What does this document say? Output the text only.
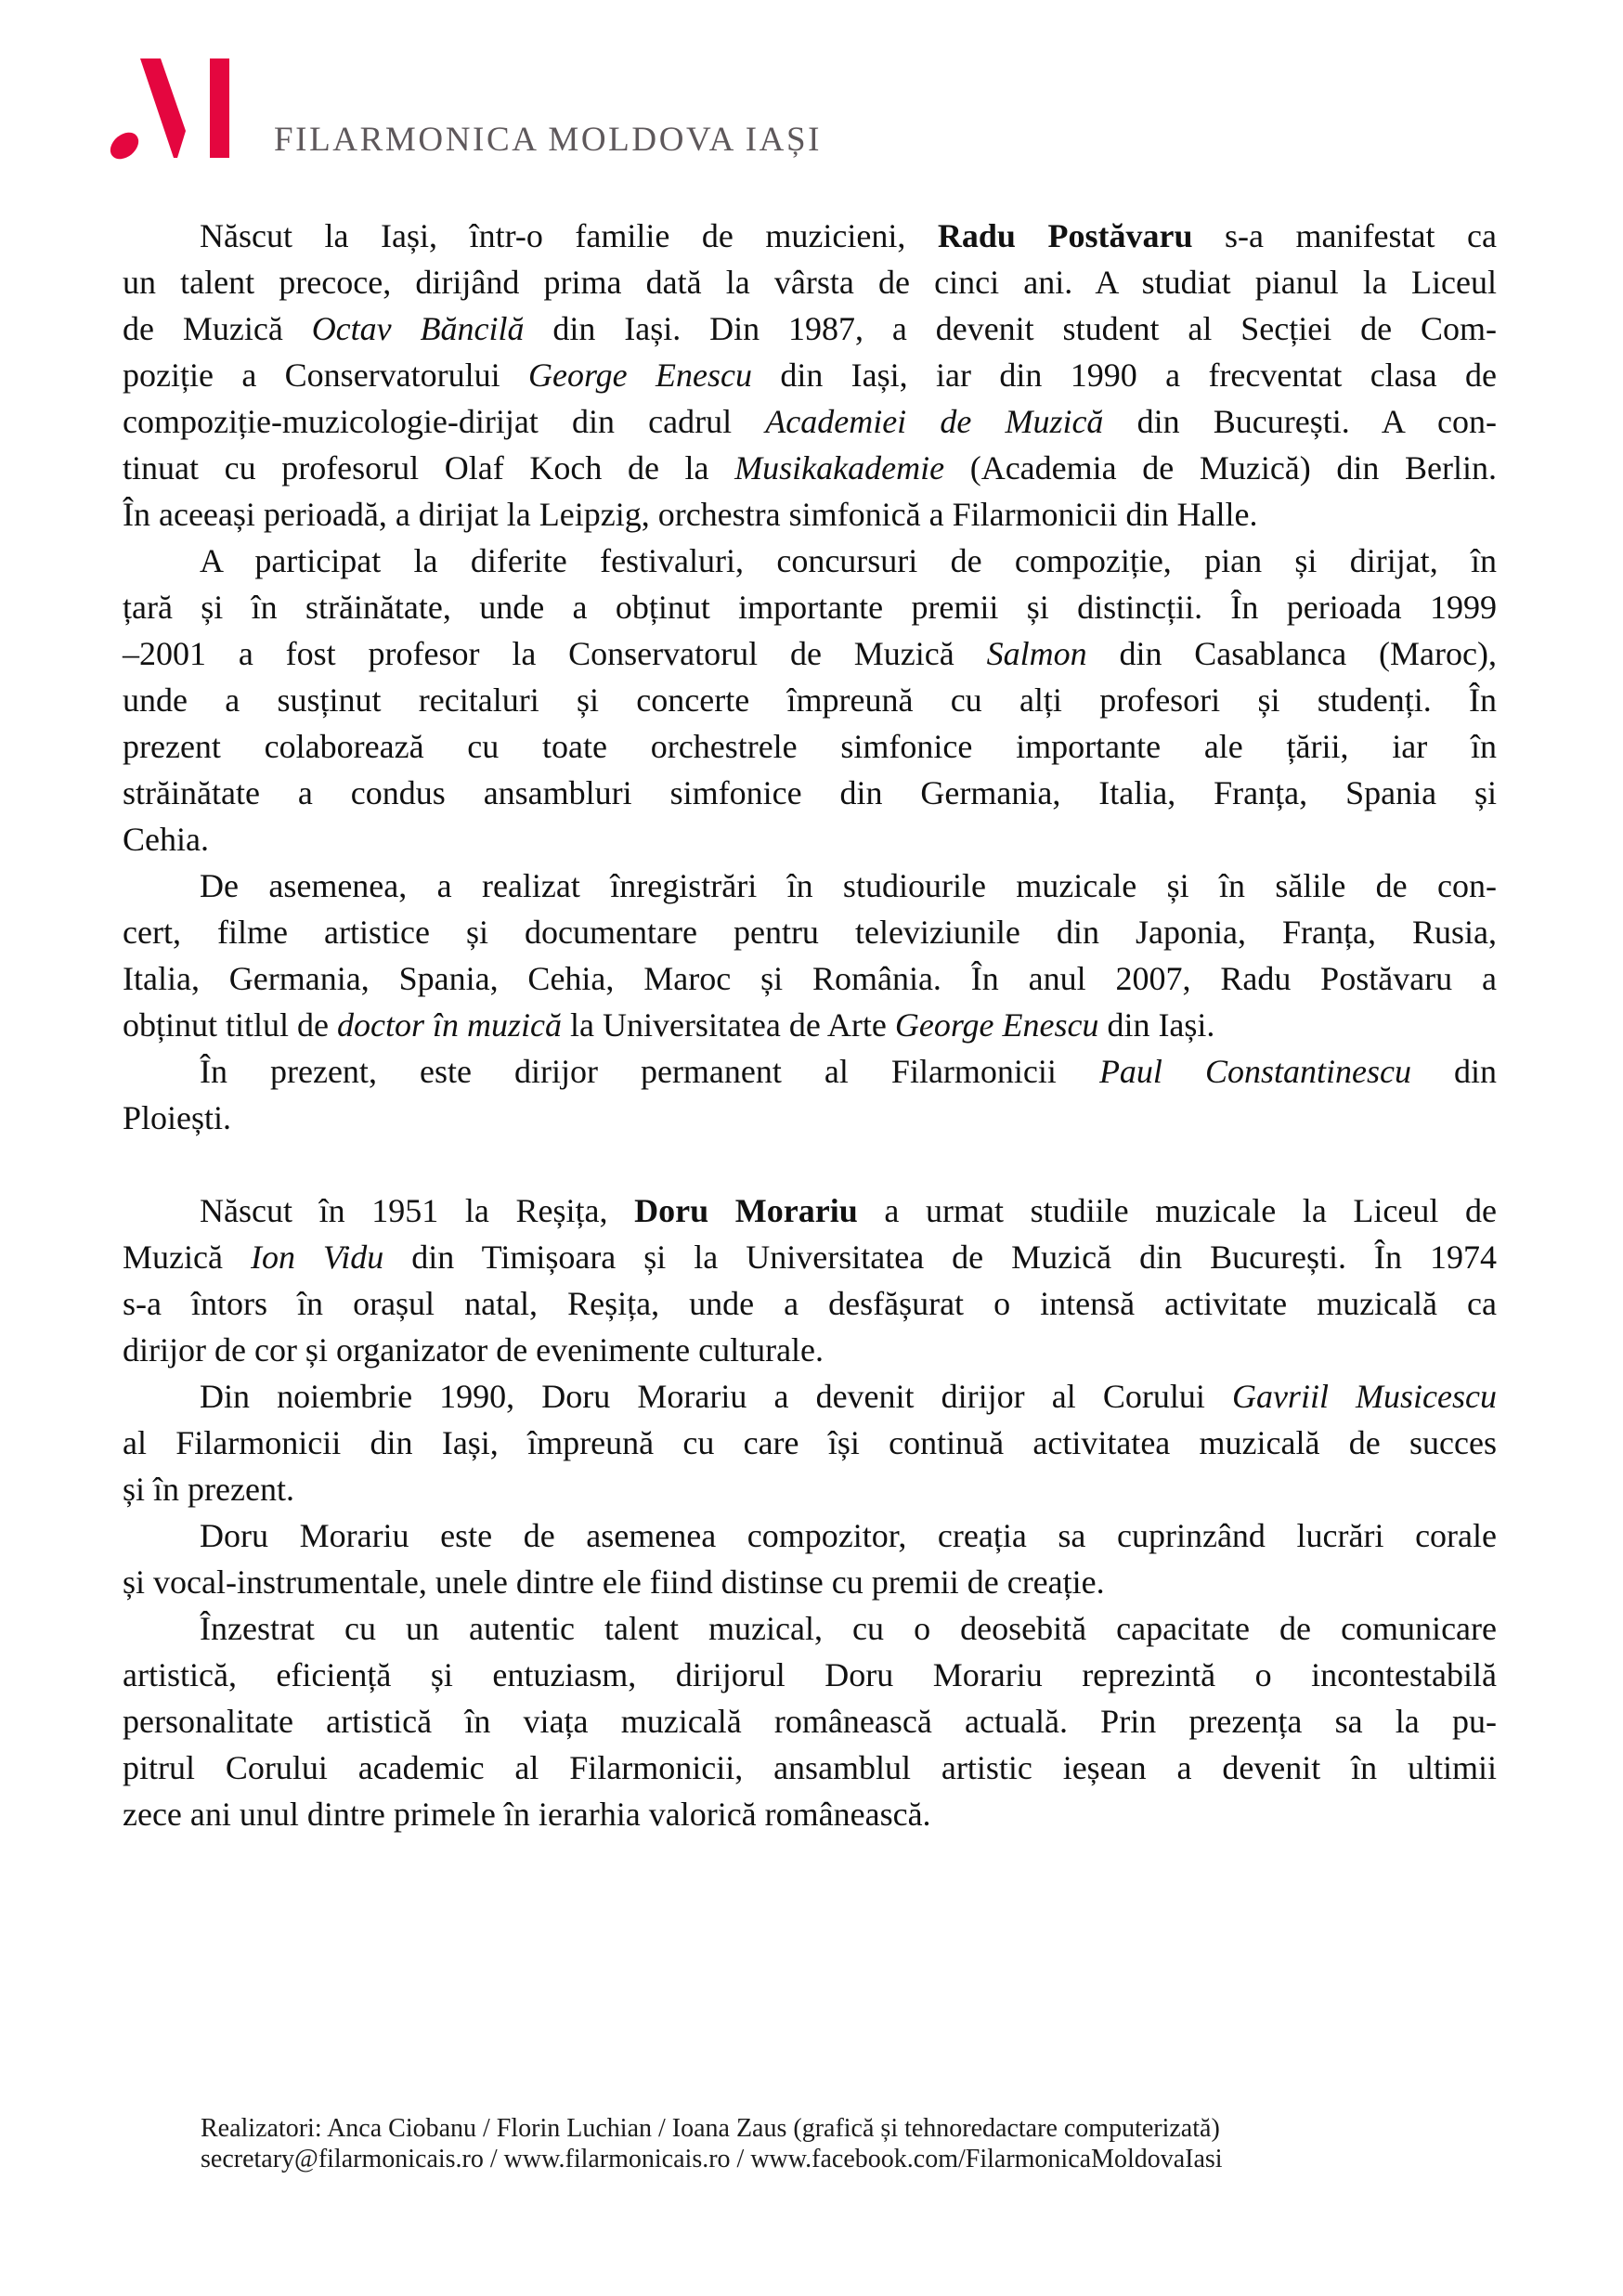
FILARMONICA MOLDOVA IAȘI
Născut la Iași, într-o familie de muzicieni, Radu Postăvaru s-a manifestat ca
un talent precoce, dirijând prima dată la vârsta de cinci ani. A studiat pianul la Liceul
de Muzică Octav Băncilă din Iași. Din 1987, a devenit student al Secției de Com-
poziție a Conservatorului George Enescu din Iași, iar din 1990 a frecventat clasa de
compoziție-muzicologie-dirijat din cadrul Academiei de Muzică din București. A con-
tinuat cu profesorul Olaf Koch de la Musikakademie (Academia de Muzică) din Berlin.
În aceeași perioadă, a dirijat la Leipzig, orchestra simfonică a Filarmonicii din Halle.
A participat la diferite festivaluri, concursuri de compoziție, pian și dirijat, în
țară și în străinătate, unde a obținut importante premii și distincții. În perioada 1999
–2001 a fost profesor la Conservatorul de Muzică Salmon din Casablanca (Maroc),
unde a susținut recitaluri și concerte împreună cu alți profesori și studenți. În
prezent colaborează cu toate orchestrele simfonice importante ale țării, iar în
străinătate a condus ansambluri simfonice din Germania, Italia, Franța, Spania și
Cehia.
De asemenea, a realizat înregistrări în studiourile muzicale și în sălile de con-
cert, filme artistice și documentare pentru televiziunile din Japonia, Franța, Rusia,
Italia, Germania, Spania, Cehia, Maroc și România. În anul 2007, Radu Postăvaru a
obținut titlul de doctor în muzică la Universitatea de Arte George Enescu din Iași.
În prezent, este dirijor permanent al Filarmonicii Paul Constantinescu din
Ploiești.
Născut în 1951 la Reșița, Doru Morariu a urmat studiile muzicale la Liceul de
Muzică Ion Vidu din Timișoara și la Universitatea de Muzică din București. În 1974
s-a întors în orașul natal, Reșița, unde a desfășurat o intensă activitate muzicală ca
dirijor de cor și organizator de evenimente culturale.
Din noiembrie 1990, Doru Morariu a devenit dirijor al Corului Gavriil Musicescu
al Filarmonicii din Iași, împreună cu care își continuă activitatea muzicală de succes
și în prezent.
Doru Morariu este de asemenea compozitor, creația sa cuprinzând lucrări corale
și vocal-instrumentale, unele dintre ele fiind distinse cu premii de creație.
Înzestrat cu un autentic talent muzical, cu o deosebită capacitate de comunicare
artistică, eficiență și entuziasm, dirijorul Doru Morariu reprezintă o incontestabilă
personalitate artistică în viața muzicală românească actuală. Prin prezența sa la pu-
pitrul Corului academic al Filarmonicii, ansamblul artistic ieșean a devenit în ultimii
zece ani unul dintre primele în ierarhia valorică românească.
Realizatori: Anca Ciobanu / Florin Luchian / Ioana Zaus (grafică și tehnoredactare computerizată)
secretary@filarmonicais.ro / www.filarmonicais.ro / www.facebook.com/FilarmonicaMoldovaIasi
